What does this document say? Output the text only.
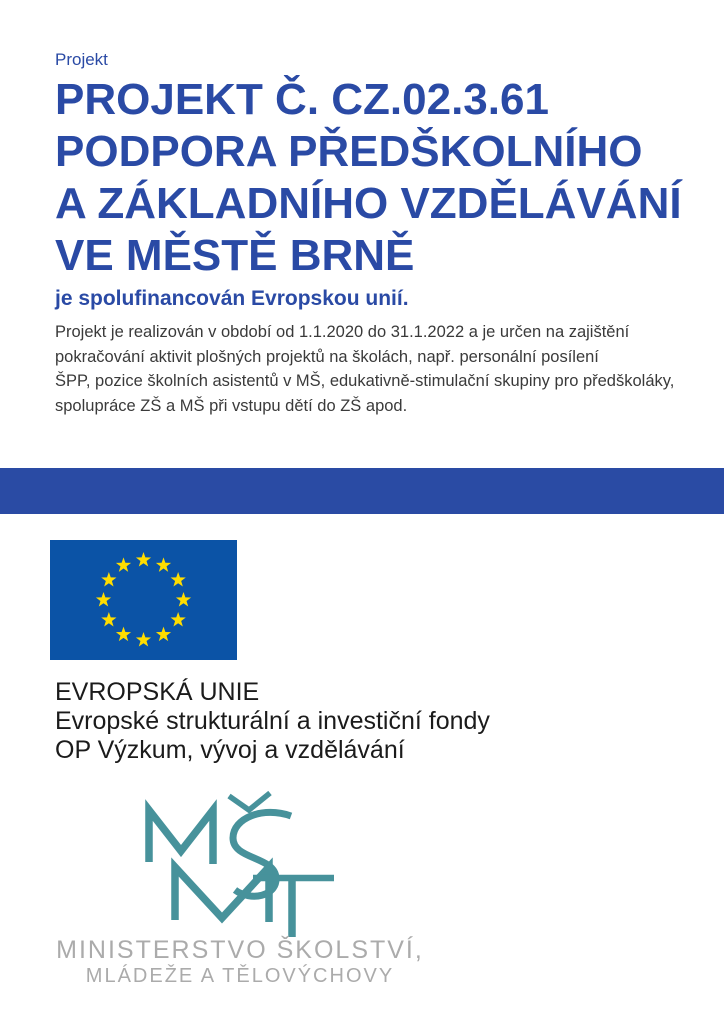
Projekt
PROJEKT Č. CZ.02.3.61
PODPORA PŘEDŠKOLNÍHO
A ZÁKLADNÍHO VZDĚLÁVÁNÍ
VE MĚSTĚ BRNĚ
je spolufinancován Evropskou unií.
Projekt je realizován v období od 1.1.2020 do 31.1.2022 a je určen na zajištění
pokračování aktivit plošných projektů na školách, např. personální posílení
ŠPP, pozice školních asistentů v MŠ, edukativně-stimulační skupiny pro předškoláky,
spolupráce ZŠ a MŠ při vstupu dětí do ZŠ apod.
EVROPSKÁ UNIE
Evropské strukturální a investiční fondy
OP Výzkum, vývoj a vzdělávání
MINISTERSTVO ŠKOLSTVÍ,
MLÁDEŽE A TĚLOVÝCHOVY
